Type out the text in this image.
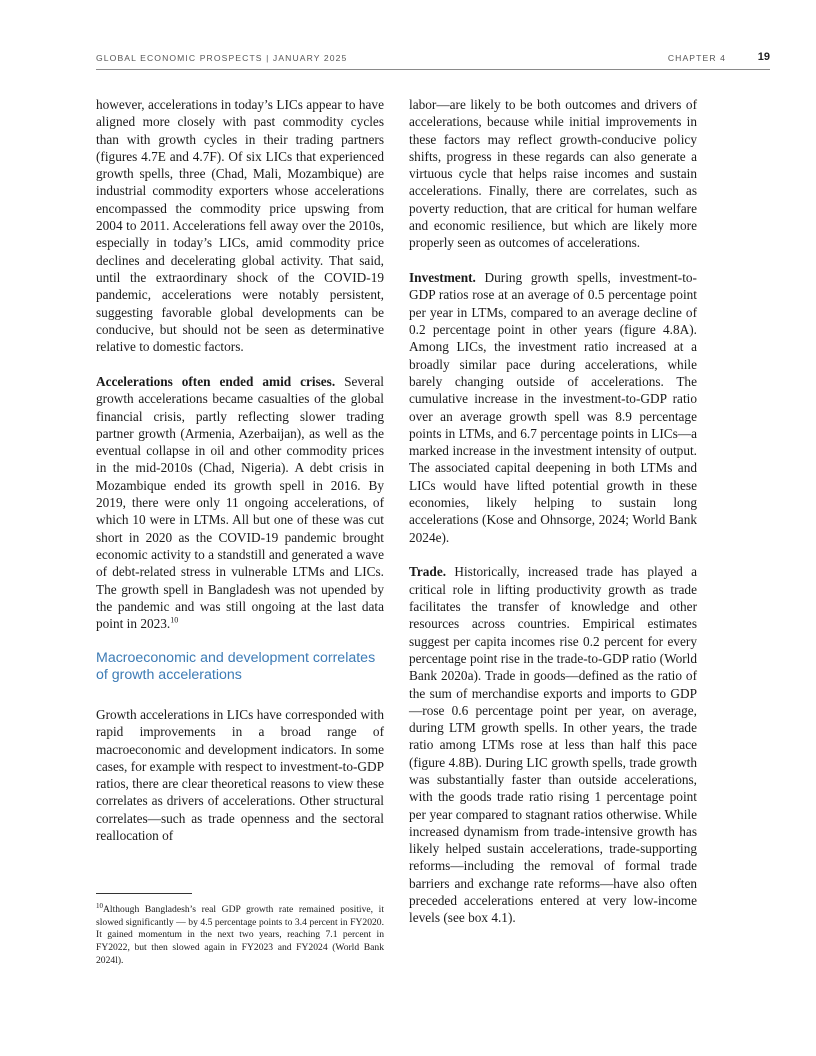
GLOBAL ECONOMIC PROSPECTS | JANUARY 2025	CHAPTER 4	19

however, accelerations in today’s LICs appear to have aligned more closely with past commodity cycles than with growth cycles in their trading partners (figures 4.7E and 4.7F). Of six LICs that experienced growth spells, three (Chad, Mali, Mozambique) are industrial commodity exporters whose accelerations encompassed the commodity price upswing from 2004 to 2011. Accelerations fell away over the 2010s, especially in today’s LICs, amid commodity price declines and decelerating global activity. That said, until the extraordinary shock of the COVID-19 pandemic, accelerations were notably persistent, suggesting favorable global developments can be conducive, but should not be seen as determinative relative to domestic factors.

Accelerations often ended amid crises. Several growth accelerations became casualties of the global financial crisis, partly reflecting slower trading partner growth (Armenia, Azerbaijan), as well as the eventual collapse in oil and other commodity prices in the mid-2010s (Chad, Nigeria). A debt crisis in Mozambique ended its growth spell in 2016. By 2019, there were only 11 ongoing accelerations, of which 10 were in LTMs. All but one of these was cut short in 2020 as the COVID-19 pandemic brought economic activity to a standstill and generated a wave of debt-related stress in vulnerable LTMs and LICs. The growth spell in Bangladesh was not upended by the pandemic and was still ongoing at the last data point in 2023.10

Macroeconomic and development correlates of growth accelerations

Growth accelerations in LICs have corresponded with rapid improvements in a broad range of macroeconomic and development indicators. In some cases, for example with respect to investment-to-GDP ratios, there are clear theoretical reasons to view these correlates as drivers of accelerations. Other structural correlates—such as trade openness and the sectoral reallocation of

$^{10}$Although Bangladesh’s real GDP growth rate remained positive, it slowed significantly — by 4.5 percentage points to 3.4 percent in FY2020. It gained momentum in the next two years, reaching 7.1 percent in FY2022, but then slowed again in FY2023 and FY2024 (World Bank 2024l).

labor—are likely to be both outcomes and drivers of accelerations, because while initial improvements in these factors may reflect growth-conducive policy shifts, progress in these regards can also generate a virtuous cycle that helps raise incomes and sustain accelerations. Finally, there are correlates, such as poverty reduction, that are critical for human welfare and economic resilience, but which are likely more properly seen as outcomes of accelerations.

Investment. During growth spells, investment-to-GDP ratios rose at an average of 0.5 percentage point per year in LTMs, compared to an average decline of 0.2 percentage point in other years (figure 4.8A). Among LICs, the investment ratio increased at a broadly similar pace during accelerations, while barely changing outside of accelerations. The cumulative increase in the investment-to-GDP ratio over an average growth spell was 8.9 percentage points in LTMs, and 6.7 percentage points in LICs—a marked increase in the investment intensity of output. The associated capital deepening in both LTMs and LICs would have lifted potential growth in these economies, likely helping to sustain long accelerations (Kose and Ohnsorge, 2024; World Bank 2024e).

Trade. Historically, increased trade has played a critical role in lifting productivity growth as trade facilitates the transfer of knowledge and other resources across countries. Empirical estimates suggest per capita incomes rise 0.2 percent for every percentage point rise in the trade-to-GDP ratio (World Bank 2020a). Trade in goods—defined as the ratio of the sum of merchandise exports and imports to GDP—rose 0.6 percentage point per year, on average, during LTM growth spells. In other years, the trade ratio among LTMs rose at less than half this pace (figure 4.8B). During LIC growth spells, trade growth was substantially faster than outside accelerations, with the goods trade ratio rising 1 percentage point per year compared to stagnant ratios otherwise. While increased dynamism from trade-intensive growth has likely helped sustain accelerations, trade-supporting reforms—including the removal of formal trade barriers and exchange rate reforms—have also often preceded accelerations entered at very low-income levels (see box 4.1).
